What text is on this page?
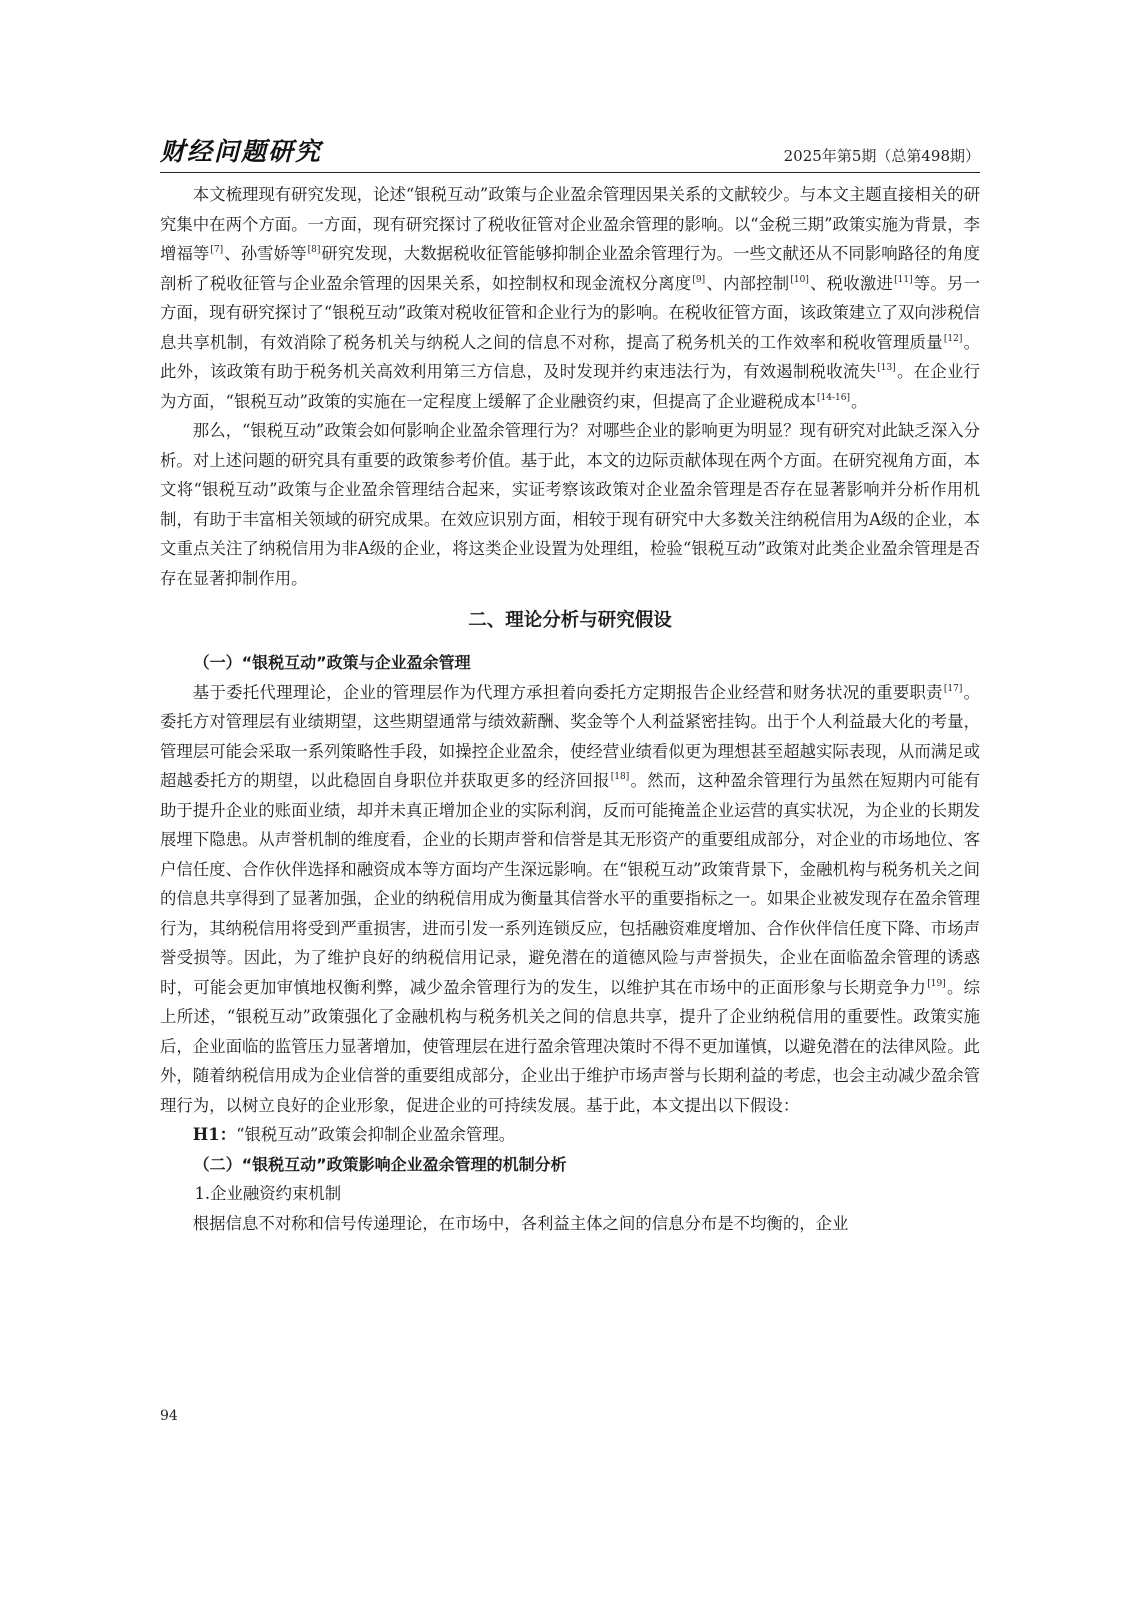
财经问题研究	2025年第5期（总第498期）

本文梳理现有研究发现，论述“银税互动”政策与企业盈余管理因果关系的文献较少。与本文主题直接相关的研究集中在两个方面。一方面，现有研究探讨了税收征管对企业盈余管理的影响。以“金税三期”政策实施为背景，李增福等[7]、孙雪娇等[8]研究发现，大数据税收征管能够抑制企业盈余管理行为。一些文献还从不同影响路径的角度剖析了税收征管与企业盈余管理的因果关系，如控制权和现金流权分离度[9]、内部控制[10]、税收激进[11]等。另一方面，现有研究探讨了“银税互动”政策对税收征管和企业行为的影响。在税收征管方面，该政策建立了双向涉税信息共享机制，有效消除了税务机关与纳税人之间的信息不对称，提高了税务机关的工作效率和税收管理质量[12]。此外，该政策有助于税务机关高效利用第三方信息，及时发现并约束违法行为，有效遏制税收流失[13]。在企业行为方面，“银税互动”政策的实施在一定程度上缓解了企业融资约束，但提高了企业避税成本[14-16]。

那么，“银税互动”政策会如何影响企业盈余管理行为？对哪些企业的影响更为明显？现有研究对此缺乏深入分析。对上述问题的研究具有重要的政策参考价值。基于此，本文的边际贡献体现在两个方面。在研究视角方面，本文将“银税互动”政策与企业盈余管理结合起来，实证考察该政策对企业盈余管理是否存在显著影响并分析作用机制，有助于丰富相关领域的研究成果。在效应识别方面，相较于现有研究中大多数关注纳税信用为A级的企业，本文重点关注了纳税信用为非A级的企业，将这类企业设置为处理组，检验“银税互动”政策对此类企业盈余管理是否存在显著抑制作用。

二、理论分析与研究假设
（一）“银税互动”政策与企业盈余管理

基于委托代理理论，企业的管理层作为代理方承担着向委托方定期报告企业经营和财务状况的重要职责[17]。委托方对管理层有业绩期望，这些期望通常与绩效薪酬、奖金等个人利益紧密挂钩。出于个人利益最大化的考量，管理层可能会采取一系列策略性手段，如操控企业盈余，使经营业绩看似更为理想甚至超越实际表现，从而满足或超越委托方的期望，以此稳固自身职位并获取更多的经济回报[18]。然而，这种盈余管理行为虽然在短期内可能有助于提升企业的账面业绩，却并未真正增加企业的实际利润，反而可能掩盖企业运营的真实状况，为企业的长期发展埋下隐患。从声誉机制的维度看，企业的长期声誉和信誉是其无形资产的重要组成部分，对企业的市场地位、客户信任度、合作伙伴选择和融资成本等方面均产生深远影响。在“银税互动”政策背景下，金融机构与税务机关之间的信息共享得到了显著加强，企业的纳税信用成为衡量其信誉水平的重要指标之一。如果企业被发现存在盈余管理行为，其纳税信用将受到严重损害，进而引发一系列连锁反应，包括融资难度增加、合作伙伴信任度下降、市场声誉受损等。因此，为了维护良好的纳税信用记录，避免潜在的道德风险与声誉损失，企业在面临盈余管理的诱惑时，可能会更加审慎地权衡利弊，减少盈余管理行为的发生，以维护其在市场中的正面形象与长期竞争力[19]。综上所述，“银税互动”政策强化了金融机构与税务机关之间的信息共享，提升了企业纳税信用的重要性。政策实施后，企业面临的监管压力显著增加，使管理层在进行盈余管理决策时不得不更加谨慎，以避免潜在的法律风险。此外，随着纳税信用成为企业信誉的重要组成部分，企业出于维护市场声誉与长期利益的考虑，也会主动减少盈余管理行为，以树立良好的企业形象，促进企业的可持续发展。基于此，本文提出以下假设：

H1：“银税互动”政策会抑制企业盈余管理。

（二）“银税互动”政策影响企业盈余管理的机制分析

1.企业融资约束机制

根据信息不对称和信号传递理论，在市场中，各利益主体之间的信息分布是不均衡的，企业

94
